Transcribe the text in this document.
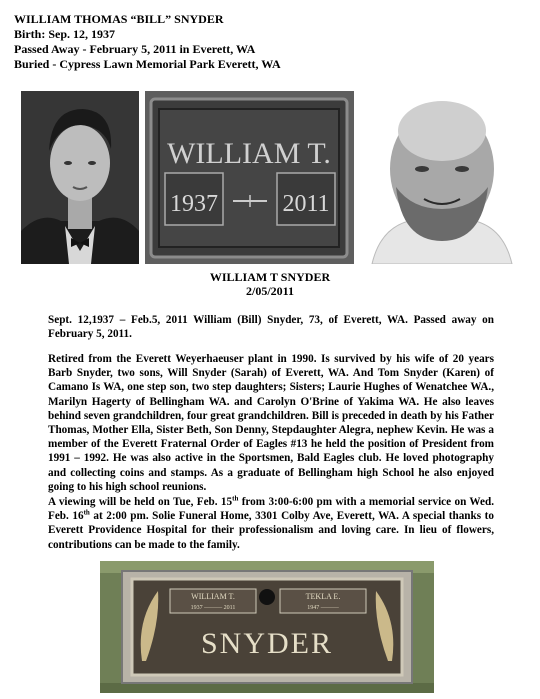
WILLIAM THOMAS “BILL” SNYDER
Birth: Sep. 12, 1937
Passed Away - February 5, 2011 in Everett, WA
Buried - Cypress Lawn Memorial Park Everett, WA
WILLIAM T.
1937	2011
WILLIAM T SNYDER
2/05/2011
Sept. 12,1937 – Feb.5, 2011 William (Bill) Snyder, 73, of Everett, WA. Passed away on February 5, 2011.
Retired from the Everett Weyerhaeuser plant in 1990. Is survived by his wife of 20 years Barb Snyder, two sons, Will Snyder (Sarah) of Everett, WA. And Tom Snyder (Karen) of Camano Is WA, one step son, two step daughters; Sisters; Laurie Hughes of Wenatchee WA., Marilyn Hagerty of Bellingham WA. and Carolyn O'Brine of Yakima WA. He also leaves behind seven grandchildren, four great grandchildren. Bill is preceded in death by his Father Thomas, Mother Ella, Sister Beth, Son Denny, Stepdaughter Alegra, nephew Kevin. He was a member of the Everett Fraternal Order of Eagles #13 he held the position of President from 1991 – 1992. He was also active in the Sportsmen, Bald Eagles club. He loved photography and collecting coins and stamps. As a graduate of Bellingham high School he also enjoyed going to his high school reunions.
A viewing will be held on Tue, Feb. 15th from 3:00-6:00 pm with a memorial service on Wed. Feb. 16th at 2:00 pm. Solie Funeral Home, 3301 Colby Ave, Everett, WA. A special thanks to Everett Providence Hospital for their professionalism and loving care. In lieu of flowers, contributions can be made to the family.
WILLIAM T.
1937 ——— 2011
TEKLA E.
1947 ———
SNYDER
